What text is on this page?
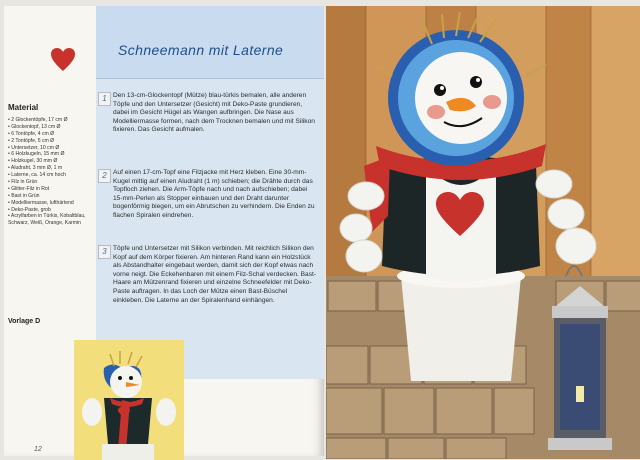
Material
• 2 Glockentöpfe, 17 cm Ø
• Glockentopf, 13 cm Ø
• 6 Tontöpfe, 4 cm Ø
• 2 Tontöpfe, 5 cm Ø
• Untersetzer, 10 cm Ø
• 6 Holzkugeln, 15 mm Ø
• Holzkugel, 30 mm Ø
• Aludraht, 3 mm Ø, 1 m
• Laterne, ca. 14 cm hoch
• Filz in Grün
• Glitter-Filz in Rot
• Bast in Grün
• Modelliermasse, lufthärtend
• Deko-Paste, grob
• Acrylfarben in Türkis, Kobaltblau, Schwarz, Weiß, Orange, Karmin
Vorlage D
Schneemann mit Laterne
1 Den 13-cm-Glockentopf (Mütze) blau-türkis bemalen, alle anderen Töpfe und den Untersetzer (Gesicht) mit Deko-Paste grundieren, dabei im Gesicht Hügel als Wangen aufbringen. Die Nase aus Modelliermasse formen, nach dem Trocknen bemalen und mit Silikon fixieren. Das Gesicht aufmalen.
2 Auf einen 17-cm-Topf eine Filzjacke mit Herz kleben. Eine 30-mm-Kugel mittig auf einen Aludraht (1 m) schieben; die Drähte durch das Topfloch ziehen. Die Arm-Töpfe nach und nach aufschieben; dabei 15-mm-Perlen als Stopper einbauen und den Draht darunter bogenförmig biegen, um ein Abrutschen zu verhindern. Die Enden zu flachen Spiralen eindrehen.
3 Töpfe und Untersetzer mit Silikon verbinden. Mit reichlich Silikon den Kopf auf dem Körper fixieren. Am hinteren Rand kann ein Holzstück als Abstandhalter eingebaut werden, damit sich der Kopf etwas nach vorne neigt. Die Eckehenbaren mit einem Filz-Schal verdecken. Bast-Haare am Mützenrand fixieren und einzelne Schneefelder mit Deko-Paste auftragen. In das Loch der Mütze einen Bast-Büschel einkleben. Die Laterne an der Spiralenhand einhängen.
12
